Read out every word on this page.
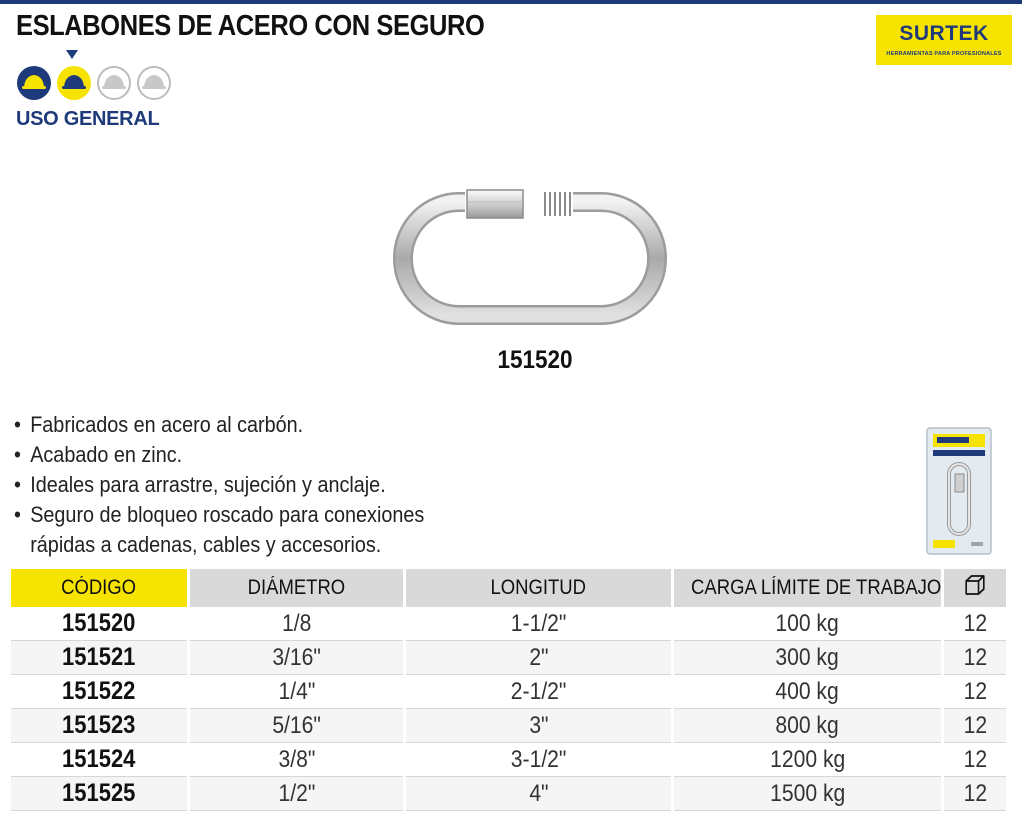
ESLABONES DE ACERO CON SEGURO	SURTEK
HERRAMIENTAS PARA PROFESIONALES
USO GENERAL
151520
• Fabricados en acero al carbón.
• Acabado en zinc.
• Ideales para arrastre, sujeción y anclaje.
• Seguro de bloqueo roscado para conexiones rápidas a cadenas, cables y accesorios.
CÓDIGO	DIÁMETRO	LONGITUD	CARGA LÍMITE DE TRABAJO	
151520	1/8	1-1/2"	100 kg	12
151521	3/16"	2"	300 kg	12
151522	1/4"	2-1/2"	400 kg	12
151523	5/16"	3"	800 kg	12
151524	3/8"	3-1/2"	1200 kg	12
151525	1/2"	4"	1500 kg	12
